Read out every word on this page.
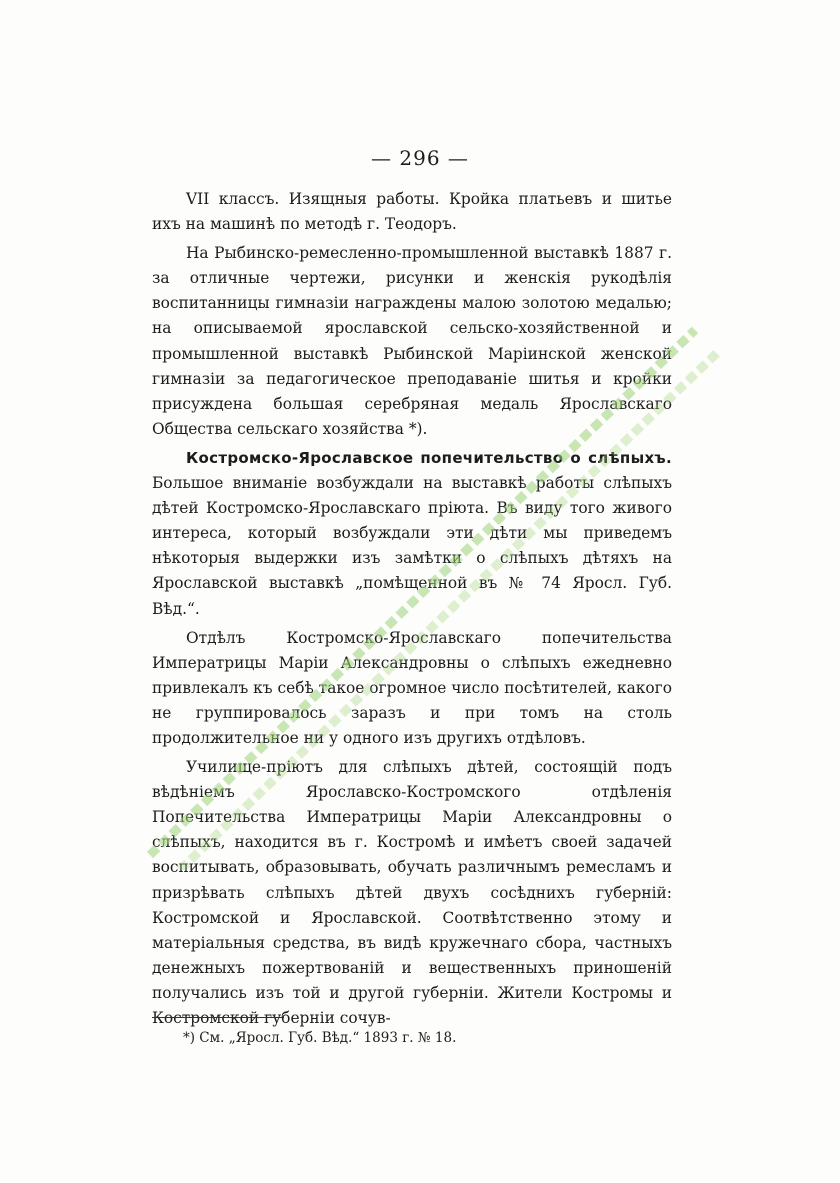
— 296 —

VII классъ. Изящныя работы. Кройка платьевъ и шитье ихъ на машинѣ по методѣ г. Теодоръ.

На Рыбинско-ремесленно-промышленной выставкѣ 1887 г. за отличные чертежи, рисунки и женскія рукодѣлія воспитанницы гимназіи награждены малою золотою медалью; на описываемой ярославской сельско-хозяйственной и промышленной выставкѣ Рыбинской Маріинской женской гимназіи за педагогическое преподаваніе шитья и кройки присуждена большая серебряная медаль Ярославскаго Общества сельскаго хозяйства *).

Костромско-Ярославское попечительство о слѣпыхъ. Большое вниманіе возбуждали на выставкѣ работы слѣпыхъ дѣтей Костромско-Ярославскаго пріюта. Въ виду того живого интереса, который возбуждали эти дѣти мы приведемъ нѣкоторыя выдержки изъ замѣтки о слѣпыхъ дѣтяхъ на Ярославской выставкѣ „помѣщенной въ № 74 Яросл. Губ. Вѣд.“.

Отдѣлъ Костромско-Ярославскаго попечительства Императрицы Маріи Александровны о слѣпыхъ ежедневно привлекалъ къ себѣ такое огромное число посѣтителей, какого не группировалось заразъ и при томъ на столь продолжительное ни у одного изъ другихъ отдѣловъ.

Училище-пріютъ для слѣпыхъ дѣтей, состоящій подъ вѣдѣніемъ Ярославско-Костромского отдѣленія Попечительства Императрицы Маріи Александровны о слѣпыхъ, находится въ г. Костромѣ и имѣетъ своей задачей воспитывать, образовывать, обучать различнымъ ремесламъ и призрѣвать слѣпыхъ дѣтей двухъ сосѣднихъ губерній: Костромской и Ярославской. Соотвѣтственно этому и матеріальныя средства, въ видѣ кружечнаго сбора, частныхъ денежныхъ пожертвованій и вещественныхъ приношеній получались изъ той и другой губерніи. Жители Костромы и Костромской губерніи сочув-

*) См. „Яросл. Губ. Вѣд.“ 1893 г. № 18.
